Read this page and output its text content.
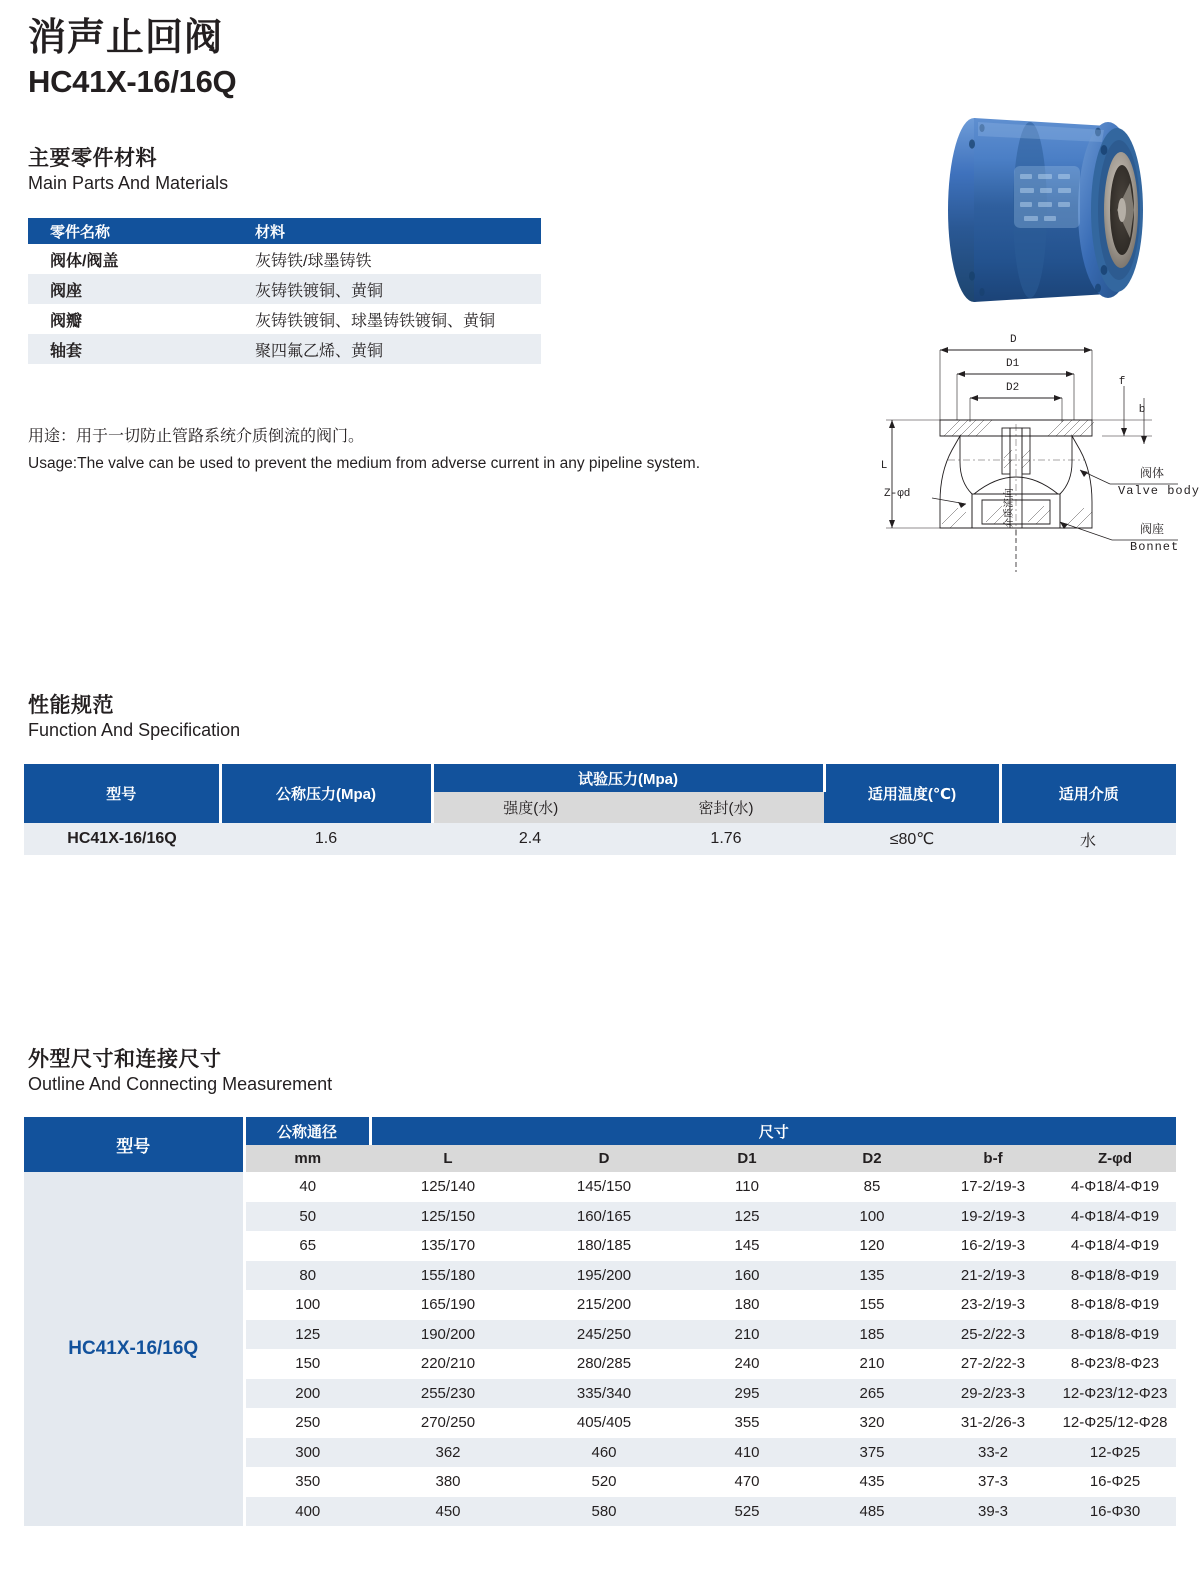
消声止回阀
HC41X-16/16Q
主要零件材料
Main Parts And Materials
零件名称	材料
阀体/阀盖	灰铸铁/球墨铸铁
阀座	灰铸铁镀铜、黄铜
阀瓣	灰铸铁镀铜、球墨铸铁镀铜、黄铜
轴套	聚四氟乙烯、黄铜
用途：用于一切防止管路系统介质倒流的阀门。
Usage:The valve can be used to prevent the medium from adverse current in any pipeline system.
D
D1
D2
L
f
b
Z-φd
阀体
Valve body
阀座
Bonnet
介质流向
性能规范
Function And Specification
型号	公称压力(Mpa)	试验压力(Mpa)		适用温度(℃)	适用介质
		强度(水)	密封(水)		
HC41X-16/16Q	1.6	2.4	1.76	≤80℃	水
外型尺寸和连接尺寸
Outline And Connecting Measurement
型号	公称通径	尺寸					
	mm	L	D	D1	D2	b-f	Z-φd
HC41X-16/16Q	40	125/140	145/150	110	85	17-2/19-3	4-Φ18/4-Φ19
	50	125/150	160/165	125	100	19-2/19-3	4-Φ18/4-Φ19
	65	135/170	180/185	145	120	16-2/19-3	4-Φ18/4-Φ19
	80	155/180	195/200	160	135	21-2/19-3	8-Φ18/8-Φ19
	100	165/190	215/200	180	155	23-2/19-3	8-Φ18/8-Φ19
	125	190/200	245/250	210	185	25-2/22-3	8-Φ18/8-Φ19
	150	220/210	280/285	240	210	27-2/22-3	8-Φ23/8-Φ23
	200	255/230	335/340	295	265	29-2/23-3	12-Φ23/12-Φ23
	250	270/250	405/405	355	320	31-2/26-3	12-Φ25/12-Φ28
	300	362	460	410	375	33-2	12-Φ25
	350	380	520	470	435	37-3	16-Φ25
	400	450	580	525	485	39-3	16-Φ30
